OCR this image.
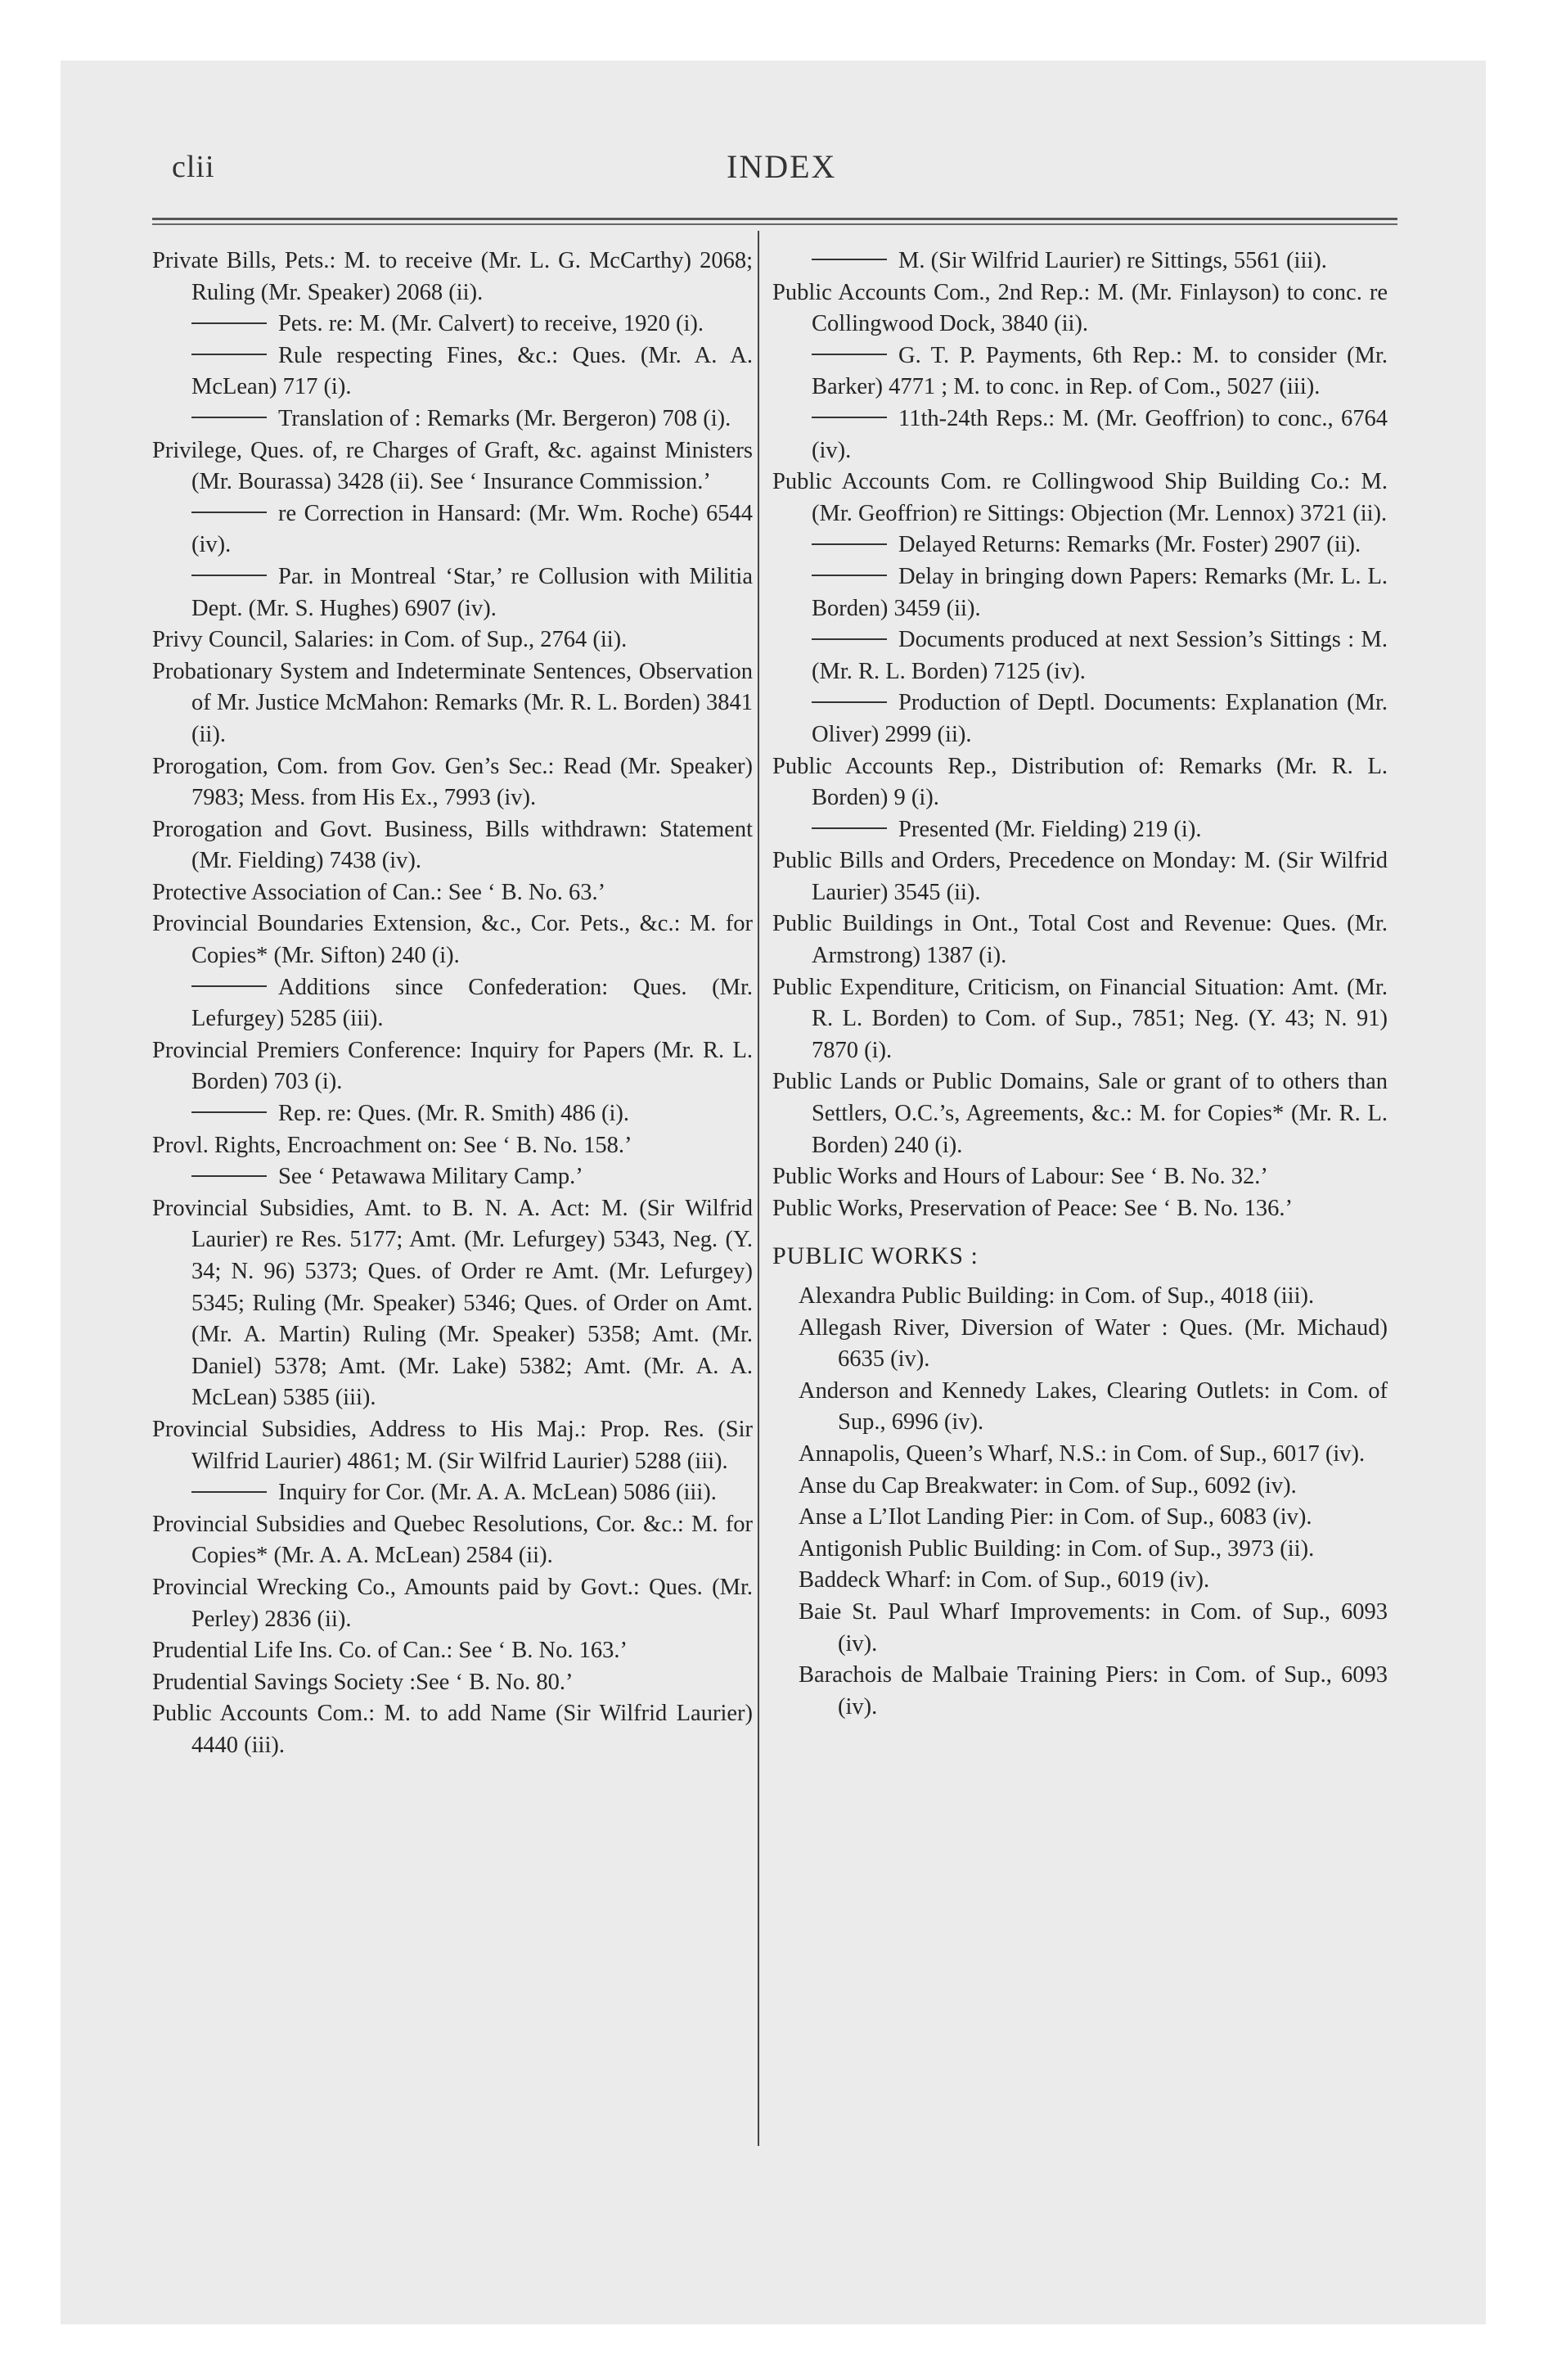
clii	INDEX

Private Bills, Pets.: M. to receive (Mr. L. G. McCarthy) 2068; Ruling (Mr. Speaker) 2068 (ii).

Pets. re: M. (Mr. Calvert) to receive, 1920 (i).

Rule respecting Fines, &c.: Ques. (Mr. A. A. McLean) 717 (i).

Translation of : Remarks (Mr. Bergeron) 708 (i).

Privilege, Ques. of, re Charges of Graft, &c. against Ministers (Mr. Bourassa) 3428 (ii). See ‘ Insurance Commission.’

re Correction in Hansard: (Mr. Wm. Roche) 6544 (iv).

Par. in Montreal ‘Star,’ re Collusion with Militia Dept. (Mr. S. Hughes) 6907 (iv).

Privy Council, Salaries: in Com. of Sup., 2764 (ii).

Probationary System and Indeterminate Sentences, Observation of Mr. Justice McMahon: Remarks (Mr. R. L. Borden) 3841 (ii).

Prorogation, Com. from Gov. Gen’s Sec.: Read (Mr. Speaker) 7983; Mess. from His Ex., 7993 (iv).

Prorogation and Govt. Business, Bills withdrawn: Statement (Mr. Fielding) 7438 (iv).

Protective Association of Can.: See ‘ B. No. 63.’

Provincial Boundaries Extension, &c., Cor. Pets., &c.: M. for Copies* (Mr. Sifton) 240 (i).

Additions since Confederation: Ques. (Mr. Lefurgey) 5285 (iii).

Provincial Premiers Conference: Inquiry for Papers (Mr. R. L. Borden) 703 (i).

Rep. re: Ques. (Mr. R. Smith) 486 (i).

Provl. Rights, Encroachment on: See ‘ B. No. 158.’

See ‘ Petawawa Military Camp.’

Provincial Subsidies, Amt. to B. N. A. Act: M. (Sir Wilfrid Laurier) re Res. 5177; Amt. (Mr. Lefurgey) 5343, Neg. (Y. 34; N. 96) 5373; Ques. of Order re Amt. (Mr. Lefurgey) 5345; Ruling (Mr. Speaker) 5346; Ques. of Order on Amt. (Mr. A. Martin) Ruling (Mr. Speaker) 5358; Amt. (Mr. Daniel) 5378; Amt. (Mr. Lake) 5382; Amt. (Mr. A. A. McLean) 5385 (iii).

Provincial Subsidies, Address to His Maj.: Prop. Res. (Sir Wilfrid Laurier) 4861; M. (Sir Wilfrid Laurier) 5288 (iii).

Inquiry for Cor. (Mr. A. A. McLean) 5086 (iii).

Provincial Subsidies and Quebec Resolutions, Cor. &c.: M. for Copies* (Mr. A. A. McLean) 2584 (ii).

Provincial Wrecking Co., Amounts paid by Govt.: Ques. (Mr. Perley) 2836 (ii).

Prudential Life Ins. Co. of Can.: See ‘ B. No. 163.’

Prudential Savings Society :See ‘ B. No. 80.’

Public Accounts Com.: M. to add Name (Sir Wilfrid Laurier) 4440 (iii).

M. (Sir Wilfrid Laurier) re Sittings, 5561 (iii).

Public Accounts Com., 2nd Rep.: M. (Mr. Finlayson) to conc. re Collingwood Dock, 3840 (ii).

G. T. P. Payments, 6th Rep.: M. to consider (Mr. Barker) 4771 ; M. to conc. in Rep. of Com., 5027 (iii).

11th-24th Reps.: M. (Mr. Geoffrion) to conc., 6764 (iv).

Public Accounts Com. re Collingwood Ship Building Co.: M. (Mr. Geoffrion) re Sittings: Objection (Mr. Lennox) 3721 (ii).

Delayed Returns: Remarks (Mr. Foster) 2907 (ii).

Delay in bringing down Papers: Remarks (Mr. L. L. Borden) 3459 (ii).

Documents produced at next Session’s Sittings : M. (Mr. R. L. Borden) 7125 (iv).

Production of Deptl. Documents: Explanation (Mr. Oliver) 2999 (ii).

Public Accounts Rep., Distribution of: Remarks (Mr. R. L. Borden) 9 (i).

Presented (Mr. Fielding) 219 (i).

Public Bills and Orders, Precedence on Monday: M. (Sir Wilfrid Laurier) 3545 (ii).

Public Buildings in Ont., Total Cost and Revenue: Ques. (Mr. Armstrong) 1387 (i).

Public Expenditure, Criticism, on Financial Situation: Amt. (Mr. R. L. Borden) to Com. of Sup., 7851; Neg. (Y. 43; N. 91) 7870 (i).

Public Lands or Public Domains, Sale or grant of to others than Settlers, O.C.’s, Agreements, &c.: M. for Copies* (Mr. R. L. Borden) 240 (i).

Public Works and Hours of Labour: See ‘ B. No. 32.’

Public Works, Preservation of Peace: See ‘ B. No. 136.’

PUBLIC WORKS :

Alexandra Public Building: in Com. of Sup., 4018 (iii).

Allegash River, Diversion of Water : Ques. (Mr. Michaud) 6635 (iv).

Anderson and Kennedy Lakes, Clearing Outlets: in Com. of Sup., 6996 (iv).

Annapolis, Queen’s Wharf, N.S.: in Com. of Sup., 6017 (iv).

Anse du Cap Breakwater: in Com. of Sup., 6092 (iv).

Anse a L’Ilot Landing Pier: in Com. of Sup., 6083 (iv).

Antigonish Public Building: in Com. of Sup., 3973 (ii).

Baddeck Wharf: in Com. of Sup., 6019 (iv).

Baie St. Paul Wharf Improvements: in Com. of Sup., 6093 (iv).

Barachois de Malbaie Training Piers: in Com. of Sup., 6093 (iv).
